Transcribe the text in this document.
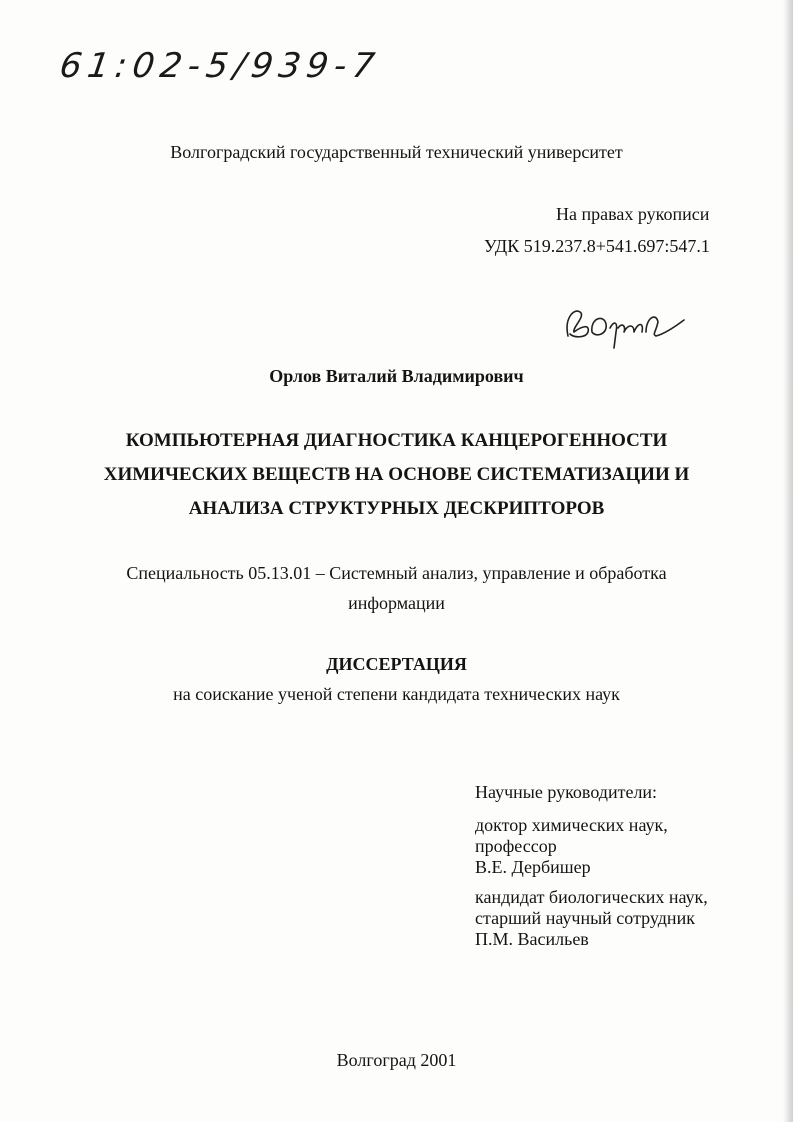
61:02-5/939-7
Волгоградский государственный технический университет
На правах рукописи
УДК 519.237.8+541.697:547.1
Орлов Виталий Владимирович
КОМПЬЮТЕРНАЯ ДИАГНОСТИКА КАНЦЕРОГЕННОСТИ
ХИМИЧЕСКИХ ВЕЩЕСТВ НА ОСНОВЕ СИСТЕМАТИЗАЦИИ И
АНАЛИЗА СТРУКТУРНЫХ ДЕСКРИПТОРОВ
Специальность 05.13.01 – Системный анализ, управление и обработка
информации
ДИССЕРТАЦИЯ
на соискание ученой степени кандидата технических наук
Научные руководители:
доктор химических наук,
профессор
В.Е. Дербишер
кандидат биологических наук,
старший научный сотрудник
П.М. Васильев
Волгоград 2001
